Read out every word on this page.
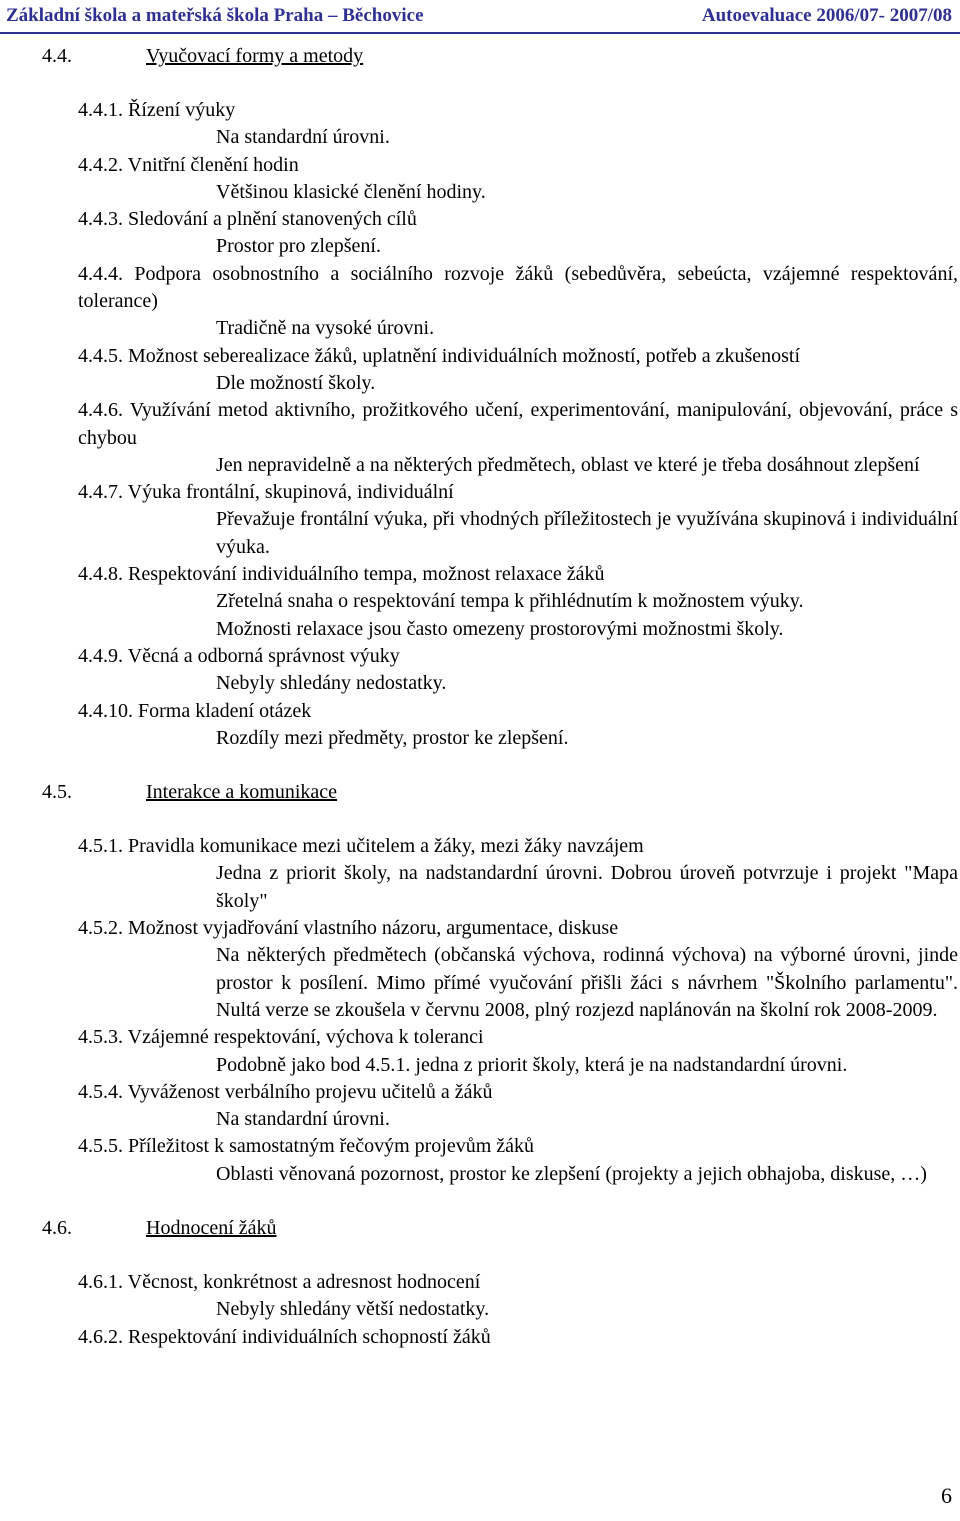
Základní škola a mateřská škola Praha – Běchovice	Autoevaluace 2006/07- 2007/08
4.4.	Vyučovací formy a metody
4.4.1. Řízení výuky
Na standardní úrovni.
4.4.2. Vnitřní členění hodin
Většinou klasické členění hodiny.
4.4.3. Sledování a plnění stanovených cílů
Prostor pro zlepšení.
4.4.4. Podpora osobnostního a sociálního rozvoje žáků (sebedůvěra, sebeúcta, vzájemné respektování, tolerance)
Tradičně na vysoké úrovni.
4.4.5. Možnost seberealizace žáků, uplatnění individuálních možností, potřeb a zkušeností
Dle možností školy.
4.4.6. Využívání metod aktivního, prožitkového učení, experimentování, manipulování, objevování, práce s chybou
Jen nepravidelně a na některých předmětech, oblast ve které je třeba dosáhnout zlepšení
4.4.7. Výuka frontální, skupinová, individuální
Převažuje frontální výuka, při vhodných příležitostech je využívána skupinová i individuální výuka.
4.4.8. Respektování individuálního tempa, možnost relaxace žáků
Zřetelná snaha o respektování tempa k přihlédnutím k možnostem výuky.
Možnosti relaxace jsou často omezeny prostorovými možnostmi školy.
4.4.9. Věcná a odborná správnost výuky
Nebyly shledány nedostatky.
4.4.10. Forma kladení otázek
Rozdíly mezi předměty, prostor ke zlepšení.
4.5.	Interakce a komunikace
4.5.1. Pravidla komunikace mezi učitelem a žáky, mezi žáky navzájem
Jedna z priorit školy, na nadstandardní úrovni. Dobrou úroveň potvrzuje i projekt "Mapa školy"
4.5.2. Možnost vyjadřování vlastního názoru, argumentace, diskuse
Na některých předmětech (občanská výchova, rodinná výchova) na výborné úrovni, jinde prostor k posílení. Mimo přímé vyučování přišli žáci s návrhem "Školního parlamentu". Nultá verze se zkoušela v červnu 2008, plný rozjezd naplánován na školní rok 2008-2009.
4.5.3. Vzájemné respektování, výchova k toleranci
Podobně jako bod 4.5.1. jedna z priorit školy, která je na nadstandardní úrovni.
4.5.4. Vyváženost verbálního projevu učitelů a žáků
Na standardní úrovni.
4.5.5. Příležitost k samostatným řečovým projevům žáků
Oblasti věnovaná pozornost, prostor ke zlepšení (projekty a jejich obhajoba, diskuse, …)
4.6.	Hodnocení žáků
4.6.1. Věcnost, konkrétnost a adresnost hodnocení
Nebyly shledány větší nedostatky.
4.6.2. Respektování individuálních schopností žáků
6
